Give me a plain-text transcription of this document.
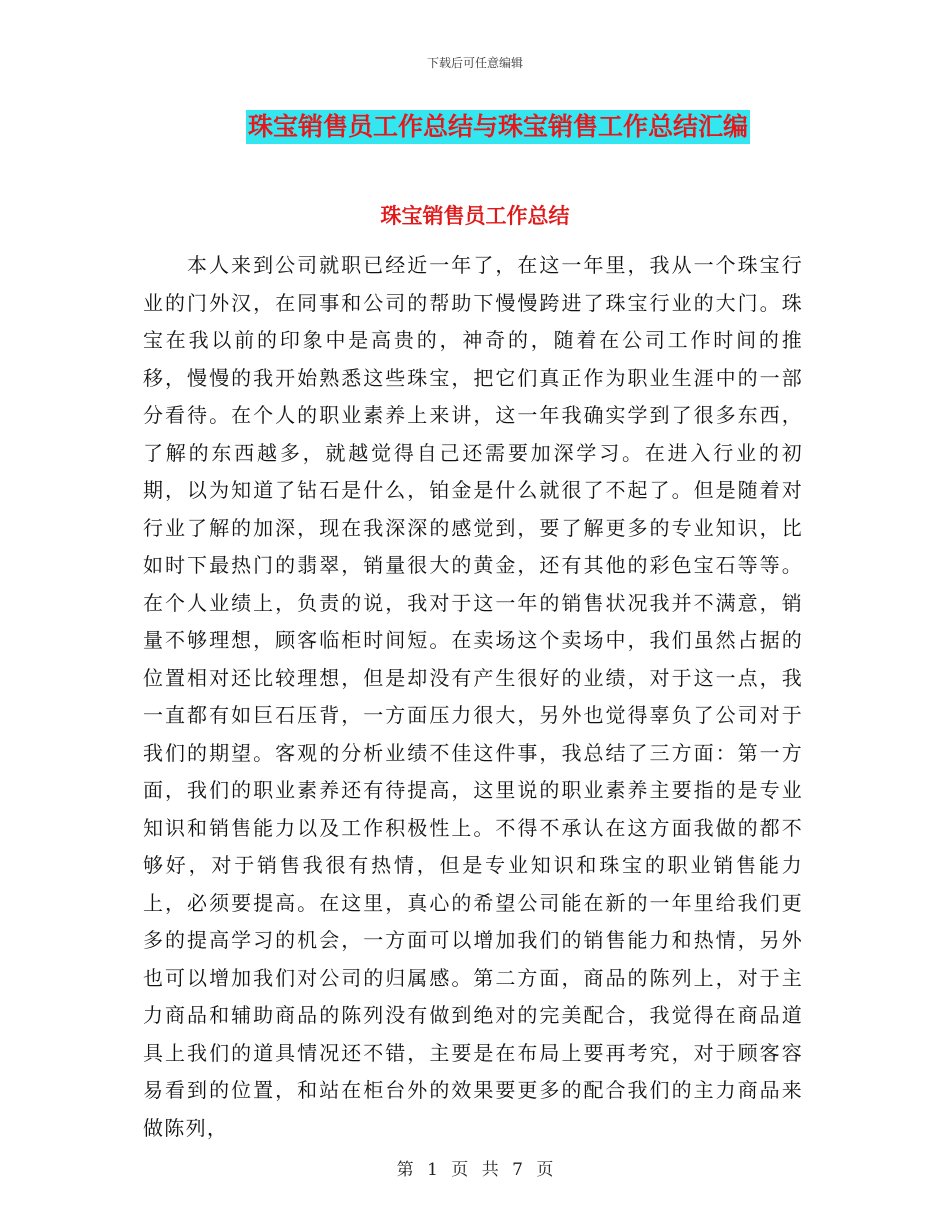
下载后可任意编辑
珠宝销售员工作总结与珠宝销售工作总结汇编
珠宝销售员工作总结

本人来到公司就职已经近一年了，在这一年里，我从一个珠宝行业的门外汉，在同事和公司的帮助下慢慢跨进了珠宝行业的大门。珠宝在我以前的印象中是高贵的，神奇的，随着在公司工作时间的推移，慢慢的我开始熟悉这些珠宝，把它们真正作为职业生涯中的一部分看待。在个人的职业素养上来讲，这一年我确实学到了很多东西，了解的东西越多，就越觉得自己还需要加深学习。在进入行业的初期，以为知道了钻石是什么，铂金是什么就很了不起了。但是随着对行业了解的加深，现在我深深的感觉到，要了解更多的专业知识，比如时下最热门的翡翠，销量很大的黄金，还有其他的彩色宝石等等。在个人业绩上，负责的说，我对于这一年的销售状况我并不满意，销量不够理想，顾客临柜时间短。在卖场这个卖场中，我们虽然占据的位置相对还比较理想，但是却没有产生很好的业绩，对于这一点，我一直都有如巨石压背，一方面压力很大，另外也觉得辜负了公司对于我们的期望。客观的分析业绩不佳这件事，我总结了三方面：第一方面，我们的职业素养还有待提高，这里说的职业素养主要指的是专业知识和销售能力以及工作积极性上。不得不承认在这方面我做的都不够好，对于销售我很有热情，但是专业知识和珠宝的职业销售能力上，必须要提高。在这里，真心的希望公司能在新的一年里给我们更多的提高学习的机会，一方面可以增加我们的销售能力和热情，另外也可以增加我们对公司的归属感。第二方面，商品的陈列上，对于主力商品和辅助商品的陈列没有做到绝对的完美配合，我觉得在商品道具上我们的道具情况还不错，主要是在布局上要再考究，对于顾客容易看到的位置，和站在柜台外的效果要更多的配合我们的主力商品来做陈列，

第 1 页 共 7 页
